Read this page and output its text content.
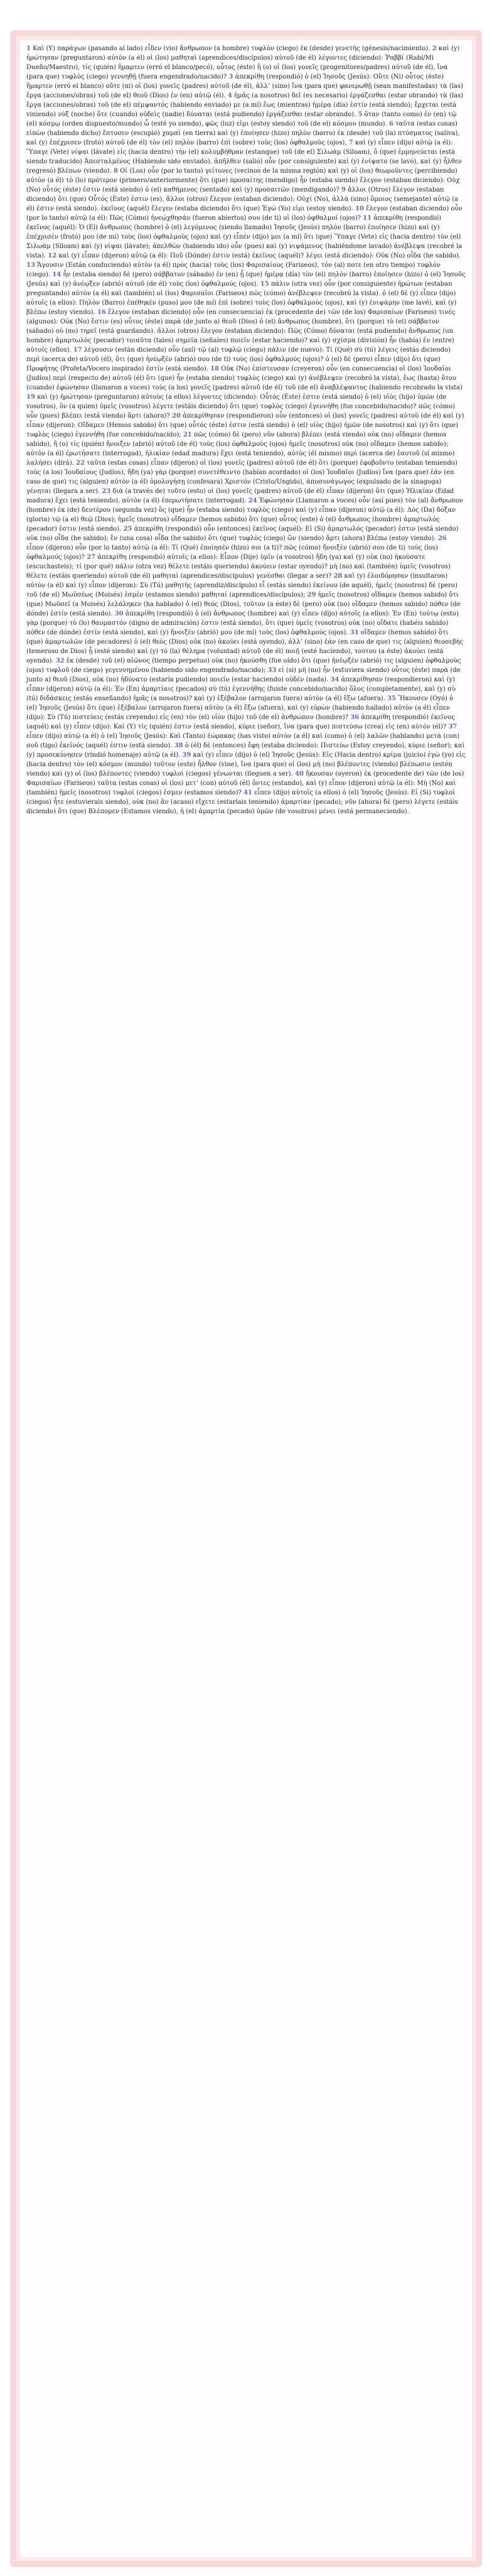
1 Καὶ (Y) παράγων (pasando al lado) εἶδεν (vio) ἄνθρωπον (a hombre) τυφλὸν (ciego) ἐκ (desde) γενετῆς (génesis/nacimiento). 2 καὶ (y) ἠρώτησαν (preguntaron) αὐτὸν (a él) οἱ (los) μαθηταὶ (aprendices/discípulos) αὐτοῦ (de él) λέγοντες (diciendo): Ῥαββί (Rabí/Mi Dueño/Maestro), τίς (quién) ἥμαρτεν (erró el blanco/pecó), οὗτος (éste) ἢ (o) οἱ (los) γονεῖς (progenitores/padres) αὐτοῦ (de él), ἵνα (para que) τυφλὸς (ciego) γεννηθῇ (fuera engendrado/nacido)? 3 ἀπεκρίθη (respondió) ὁ (el) Ἰησοῦς (Jesús): Οὔτε (Ni) οὗτος (éste) ἥμαρτεν (erró el blanco) οὔτε (ni) οἱ (los) γονεῖς (padres) αὐτοῦ (de él), ἀλλ’ (sino) ἵνα (para que) φανερωθῇ (sean manifestadas) τὰ (las) ἔργα (acciones/obras) τοῦ (de el) θεοῦ (Dios) ἐν (en) αὐτῷ (él). 4 ἡμᾶς (a nosotros) δεῖ (es necesario) ἐργάζεσθαι (estar obrando) τὰ (las) ἔργα (acciones/obras) τοῦ (de el) πέμψαντός (habiendo enviado) με (a mí) ἕως (mientras) ἡμέρα (día) ἐστίν (está siendo); ἔρχεται (está viniendo) νὺξ (noche) ὅτε (cuando) οὐδεὶς (nadie) δύναται (está pudiendo) ἐργάζεσθαι (estar obrando). 5 ὅταν (tanto como) ἐν (en) τῷ (el) κόσμῳ (orden dispuesto/mundo) ὦ (esté yo siendo), φῶς (luz) εἰμι (estoy siendo) τοῦ (de el) κόσμου (mundo). 6 ταῦτα (estas cosas) εἰπὼν (habiendo dicho) ἔπτυσεν (escupió) χαμαὶ (en tierra) καὶ (y) ἐποίησεν (hizo) πηλὸν (barro) ἐκ (desde) τοῦ (la) πτύσματος (saliva), καὶ (y) ἐπέχρισεν (frotó) αὐτοῦ (de él) τὸν (el) πηλὸν (barro) ἐπὶ (sobre) τοὺς (los) ὀφθαλμοὺς (ojos), 7 καὶ (y) εἶπεν (dijo) αὐτῷ (a él): Ὕπαγε (Vete) νίψαι (lávate) εἰς (hacia dentro) τὴν (el) κολυμβήθραν (estanque) τοῦ (de el) Σιλωάμ (Siloam), ὃ (que) ἑρμηνεύεται (está siendo traducido) Ἀπεσταλμένος (Habiendo sido enviado). ἀπῆλθεν (salió) οὖν (por consiguiente) καὶ (y) ἐνίψατο (se lavó), καὶ (y) ἦλθεν (regresó) βλέπων (viendo). 8 Οἱ (Los) οὖν (por lo tanto) γείτονες (vecinos de la misma región) καὶ (y) οἱ (los) θεωροῦντες (percibiendo) αὐτὸν (a él) τὸ (lo) πρότερον (primero/anteriormente) ὅτι (que) προσαίτης (mendigo) ἦν (estaba siendo) ἔλεγον (estaban diciendo): Οὐχ (No) οὗτός (éste) ἐστιν (está siendo) ὁ (el) καθήμενος (sentado) καὶ (y) προσαιτῶν (mendigando)? 9 ἄλλοι (Otros) ἔλεγον (estaban diciendo) ὅτι (que) Οὗτός (Éste) ἐστιν (es), ἄλλοι (otros) ἔλεγον (estaban diciendo): Οὐχί (No), ἀλλὰ (sino) ὅμοιος (semejante) αὐτῷ (a él) ἐστιν (está siendo). ἐκεῖνος (aquél) ἔλεγεν (estaba diciendo) ὅτι (que) Ἐγώ (Yo) εἰμι (estoy siendo). 10 ἔλεγον (estaban diciendo) οὖν (por lo tanto) αὐτῷ (a él): Πῶς (Cómo) ἠνεῴχθησάν (fueron abiertos) σου (de ti) οἱ (los) ὀφθαλμοί (ojos)? 11 ἀπεκρίθη (respondió) ἐκεῖνος (aquél): Ὁ (El) ἄνθρωπος (hombre) ὁ (el) λεγόμενος (siendo llamado) Ἰησοῦς (Jesús) πηλὸν (barro) ἐποίησεν (hizo) καὶ (y) ἐπέχρισέν (frotó) μου (de mí) τοὺς (los) ὀφθαλμοὺς (ojos) καὶ (y) εἶπέν (dijo) μοι (a mí) ὅτι (que) Ὕπαγε (Vete) εἰς (hacia dentro) τὸν (el) Σιλωὰμ (Siloam) καὶ (y) νίψαι (lávate); ἀπελθὼν (habiendo ido) οὖν (pues) καὶ (y) νιψάμενος (habiéndome lavado) ἀνέβλεψα (recobré la vista). 12 καὶ (y) εἶπαν (dijeron) αὐτῷ (a él): Ποῦ (Dónde) ἐστιν (está) ἐκεῖνος (aquél)? λέγει (está diciendo): Οὐκ (No) οἶδα (he sabido). 13 Ἄγουσιν (Están conduciendo) αὐτὸν (a él) πρὸς (hacia) τοὺς (los) Φαρισαίους (Fariseos), τόν (al) ποτε (en otro tiempo) τυφλόν (ciego). 14 ἦν (estaba siendo) δὲ (pero) σάββατον (sábado) ἐν (en) ᾗ (que) ἡμέρᾳ (día) τὸν (el) πηλὸν (barro) ἐποίησεν (hizo) ὁ (el) Ἰησοῦς (Jesús) καὶ (y) ἀνέῳξεν (abrió) αὐτοῦ (de él) τοὺς (los) ὀφθαλμούς (ojos). 15 πάλιν (otra vez) οὖν (por consiguiente) ἠρώτων (estaban preguntando) αὐτὸν (a él) καὶ (también) οἱ (los) Φαρισαῖοι (Fariseos) πῶς (cómo) ἀνέβλεψεν (recobró la vista). ὁ (el) δὲ (y) εἶπεν (dijo) αὐτοῖς (a ellos): Πηλὸν (Barro) ἐπέθηκέν (puso) μου (de mí) ἐπὶ (sobre) τοὺς (los) ὀφθαλμούς (ojos), καὶ (y) ἐνιψάμην (me lavé), καὶ (y) βλέπω (estoy viendo). 16 ἔλεγον (estaban diciendo) οὖν (en consecuencia) ἐκ (procedente de) τῶν (de los) Φαρισαίων (Fariseos) τινές (algunos): Οὐκ (No) ἔστιν (es) οὗτος (éste) παρὰ (de junto a) θεοῦ (Dios) ὁ (el) ἄνθρωπος (hombre), ὅτι (porque) τὸ (el) σάββατον (sábado) οὐ (no) τηρεῖ (está guardando). ἄλλοι (otros) ἔλεγον (estaban diciendo): Πῶς (Cómo) δύναται (está pudiendo) ἄνθρωπος (un hombre) ἁμαρτωλὸς (pecador) τοιαῦτα (tales) σημεῖα (señales) ποιεῖν (estar haciendo)? καὶ (y) σχίσμα (división) ἦν (había) ἐν (entre) αὐτοῖς (ellos). 17 λέγουσιν (están diciendo) οὖν (así) τῷ (al) τυφλῷ (ciego) πάλιν (de nuevo): Τί (Qué) σὺ (tú) λέγεις (estás diciendo) περὶ (acerca de) αὐτοῦ (él), ὅτι (que) ἠνέῳξέν (abrió) σου (de ti) τοὺς (los) ὀφθαλμούς (ojos)? ὁ (el) δὲ (pero) εἶπεν (dijo) ὅτι (que) Προφήτης (Profeta/Vocero inspirado) ἐστίν (está siendo). 18 Οὐκ (No) ἐπίστευσαν (creyeron) οὖν (en consecuencia) οἱ (los) Ἰουδαῖοι (Judíos) περὶ (respecto de) αὐτοῦ (él) ὅτι (que) ἦν (estaba siendo) τυφλὸς (ciego) καὶ (y) ἀνέβλεψεν (recobró la vista), ἕως (hasta) ὅτου (cuando) ἐφώνησαν (llamaron a voces) τοὺς (a los) γονεῖς (padres) αὐτοῦ (de él) τοῦ (de el) ἀναβλέψαντος (habiendo recobrado la vista) 19 καὶ (y) ἠρώτησαν (preguntaron) αὐτοὺς (a ellos) λέγοντες (diciendo): Οὗτός (Éste) ἐστιν (está siendo) ὁ (el) υἱὸς (hijo) ὑμῶν (de vosotros), ὃν (a quien) ὑμεῖς (vosotros) λέγετε (estáis diciendo) ὅτι (que) τυφλὸς (ciego) ἐγεννήθη (fue concebido/nacido)? πῶς (cómo) οὖν (pues) βλέπει (está viendo) ἄρτι (ahora)? 20 ἀπεκρίθησαν (respondieron) οὖν (entonces) οἱ (los) γονεῖς (padres) αὐτοῦ (de él) καὶ (y) εἶπαν (dijeron): Οἴδαμεν (Hemos sabido) ὅτι (que) οὗτός (éste) ἐστιν (está siendo) ὁ (el) υἱὸς (hijo) ἡμῶν (de nosotros) καὶ (y) ὅτι (que) τυφλὸς (ciego) ἐγεννήθη (fue concebido/nacido); 21 πῶς (cómo) δὲ (pero) νῦν (ahora) βλέπει (está viendo) οὐκ (no) οἴδαμεν (hemos sabido), ἢ (o) τίς (quién) ἤνοιξεν (abrió) αὐτοῦ (de él) τοὺς (los) ὀφθαλμοὺς (ojos) ἡμεῖς (nosotros) οὐκ (no) οἴδαμεν (hemos sabido); αὐτὸν (a él) ἐρωτήσατε (interrogad), ἡλικίαν (edad madura) ἔχει (está teniendo), αὐτὸς (él mismo) περὶ (acerca de) ἑαυτοῦ (sí mismo) λαλήσει (dirá). 22 ταῦτα (estas cosas) εἶπαν (dijeron) οἱ (los) γονεῖς (padres) αὐτοῦ (de él) ὅτι (porque) ἐφοβοῦντο (estaban temiendo) τοὺς (a los) Ἰουδαίους (Judíos), ἤδη (ya) γὰρ (porque) συνετέθειντο (habían acordado) οἱ (los) Ἰουδαῖοι (Judíos) ἵνα (para que) ἐάν (en caso de que) τις (alguien) αὐτὸν (a él) ὁμολογήσῃ (confesara) Χριστόν (Cristo/Ungido), ἀποσυνάγωγος (expulsado de la sinagoga) γένηται (llegara a ser). 23 διὰ (a través de) τοῦτο (esto) οἱ (los) γονεῖς (padres) αὐτοῦ (de él) εἶπαν (dijeron) ὅτι (que) Ἡλικίαν (Edad madura) ἔχει (está teniendo), αὐτὸν (a él) ἐπερωτήσατε (interrogad). 24 Ἐφώνησαν (Llamaron a voces) οὖν (así pues) τὸν (al) ἄνθρωπον (hombre) ἐκ (de) δευτέρου (segunda vez) ὃς (que) ἦν (estaba siendo) τυφλὸς (ciego) καὶ (y) εἶπαν (dijeron) αὐτῷ (a él): Δὸς (Da) δόξαν (gloria) τῷ (a el) θεῷ (Dios); ἡμεῖς (nosotros) οἴδαμεν (hemos sabido) ὅτι (que) οὗτος (este) ὁ (el) ἄνθρωπος (hombre) ἁμαρτωλός (pecador) ἐστιν (está siendo). 25 ἀπεκρίθη (respondió) οὖν (entonces) ἐκεῖνος (aquél): Εἰ (Si) ἁμαρτωλός (pecador) ἐστιν (está siendo) οὐκ (no) οἶδα (he sabido); ἓν (una cosa) οἶδα (he sabido) ὅτι (que) τυφλὸς (ciego) ὢν (siendo) ἄρτι (ahora) βλέπω (estoy viendo). 26 εἶπον (dijeron) οὖν (por lo tanto) αὐτῷ (a él): Τί (Qué) ἐποίησέν (hizo) σοι (a ti)? πῶς (cómo) ἤνοιξέν (abrió) σου (de ti) τοὺς (los) ὀφθαλμούς (ojos)? 27 ἀπεκρίθη (respondió) αὐτοῖς (a ellos): Εἶπον (Dije) ὑμῖν (a vosotros) ἤδη (ya) καὶ (y) οὐκ (no) ἠκούσατε (escuchasteis); τί (por qué) πάλιν (otra vez) θέλετε (estáis queriendo) ἀκούειν (estar oyendo)? μὴ (no) καὶ (también) ὑμεῖς (vosotros) θέλετε (estáis queriendo) αὐτοῦ (de él) μαθηταὶ (aprendices/discípulos) γενέσθαι (llegar a ser)? 28 καὶ (y) ἐλοιδόρησαν (insultaron) αὐτὸν (a él) καὶ (y) εἶπον (dijeron): Σὺ (Tú) μαθητὴς (aprendiz/discípulo) εἶ (estás siendo) ἐκείνου (de aquél), ἡμεῖς (nosotros) δὲ (pero) τοῦ (de el) Μωϋσέως (Moisés) ἐσμὲν (estamos siendo) μαθηταί (aprendices/discípulos); 29 ἡμεῖς (nosotros) οἴδαμεν (hemos sabido) ὅτι (que) Μωϋσεῖ (a Moisés) λελάληκεν (ha hablado) ὁ (el) θεός (Dios), τοῦτον (a éste) δὲ (pero) οὐκ (no) οἴδαμεν (hemos sabido) πόθεν (de dónde) ἐστίν (está siendo). 30 ἀπεκρίθη (respondió) ὁ (el) ἄνθρωπος (hombre) καὶ (y) εἶπεν (dijo) αὐτοῖς (a ellos): Ἐν (En) τούτῳ (esto) γὰρ (porque) τὸ (lo) θαυμαστόν (digno de admiración) ἐστιν (está siendo), ὅτι (que) ὑμεῖς (vosotros) οὐκ (no) οἴδατε (habéis sabido) πόθεν (de dónde) ἐστίν (está siendo), καὶ (y) ἤνοιξέν (abrió) μου (de mí) τοὺς (los) ὀφθαλμούς (ojos). 31 οἴδαμεν (hemos sabido) ὅτι (que) ἁμαρτωλῶν (de pecadores) ὁ (el) θεὸς (Dios) οὐκ (no) ἀκούει (está oyendo), ἀλλ’ (sino) ἐάν (en caso de que) τις (alguien) θεοσεβὴς (temeroso de Dios) ᾖ (esté siendo) καὶ (y) τὸ (la) θέλημα (voluntad) αὐτοῦ (de él) ποιῇ (esté haciendo), τούτου (a éste) ἀκούει (está oyendo). 32 ἐκ (desde) τοῦ (el) αἰῶνος (tiempo perpetuo) οὐκ (no) ἠκούσθη (fue oído) ὅτι (que) ἠνέῳξέν (abrió) τις (alguien) ὀφθαλμοὺς (ojos) τυφλοῦ (de ciego) γεγεννημένου (habiendo sido engendrado/nacido); 33 εἰ (si) μὴ (no) ἦν (estuviera siendo) οὗτος (éste) παρὰ (de junto a) θεοῦ (Dios), οὐκ (no) ἠδύνατο (estaría pudiendo) ποιεῖν (estar haciendo) οὐδέν (nada). 34 ἀπεκρίθησαν (respondieron) καὶ (y) εἶπαν (dijeron) αὐτῷ (a él): Ἐν (En) ἁμαρτίαις (pecados) σὺ (tú) ἐγεννήθης (fuiste concebido/nacido) ὅλος (completamente), καὶ (y) σὺ (tú) διδάσκεις (estás enseñando) ἡμᾶς (a nosotros)? καὶ (y) ἐξέβαλον (arrojaron fuera) αὐτὸν (a él) ἔξω (afuera). 35 Ἤκουσεν (Oyó) ὁ (el) Ἰησοῦς (Jesús) ὅτι (que) ἐξέβαλον (arrojaron fuera) αὐτὸν (a él) ἔξω (afuera), καὶ (y) εὑρὼν (habiendo hallado) αὐτὸν (a él) εἶπεν (dijo): Σὺ (Tú) πιστεύεις (estás creyendo) εἰς (en) τὸν (el) υἱὸν (hijo) τοῦ (de el) ἀνθρώπου (hombre)? 36 ἀπεκρίθη (respondió) ἐκεῖνος (aquél) καὶ (y) εἶπεν (dijo): Καὶ (Y) τίς (quién) ἐστιν (está siendo), κύριε (señor), ἵνα (para que) πιστεύσω (crea) εἰς (en) αὐτόν (él)? 37 εἶπεν (dijo) αὐτῷ (a él) ὁ (el) Ἰησοῦς (Jesús): Καὶ (Tanto) ἑώρακας (has visto) αὐτὸν (a él) καὶ (como) ὁ (el) λαλῶν (hablando) μετὰ (con) σοῦ (tigo) ἐκεῖνός (aquél) ἐστιν (está siendo). 38 ὁ (él) δὲ (entonces) ἔφη (estaba diciendo): Πιστεύω (Estoy creyendo), κύριε (señor); καὶ (y) προσεκύνησεν (rindió homenaje) αὐτῷ (a él). 39 καὶ (y) εἶπεν (dijo) ὁ (el) Ἰησοῦς (Jesús): Εἰς (Hacia dentro) κρίμα (juicio) ἐγὼ (yo) εἰς (hacia dentro) τὸν (el) κόσμον (mundo) τοῦτον (este) ἦλθον (vine), ἵνα (para que) οἱ (los) μὴ (no) βλέποντες (viendo) βλέπωσιν (estén viendo) καὶ (y) οἱ (los) βλέποντες (viendo) τυφλοὶ (ciegos) γένωνται (lleguen a ser). 40 ἤκουσαν (oyeron) ἐκ (procedente de) τῶν (de los) Φαρισαίων (Fariseos) ταῦτα (estas cosas) οἱ (los) μετ’ (con) αὐτοῦ (él) ὄντες (estando), καὶ (y) εἶπον (dijeron) αὐτῷ (a él): Μὴ (No) καὶ (también) ἡμεῖς (nosotros) τυφλοί (ciegos) ἐσμεν (estamos siendo)? 41 εἶπεν (dijo) αὐτοῖς (a ellos) ὁ (el) Ἰησοῦς (Jesús): Εἰ (Si) τυφλοὶ (ciegos) ἦτε (estuvierais siendo), οὐκ (no) ἂν (acaso) εἴχετε (estaríais teniendo) ἁμαρτίαν (pecado); νῦν (ahora) δὲ (pero) λέγετε (estáis diciendo) ὅτι (que) Βλέπομεν (Estamos viendo), ἡ (el) ἁμαρτία (pecado) ὑμῶν (de vosotros) μένει (está permaneciendo).
